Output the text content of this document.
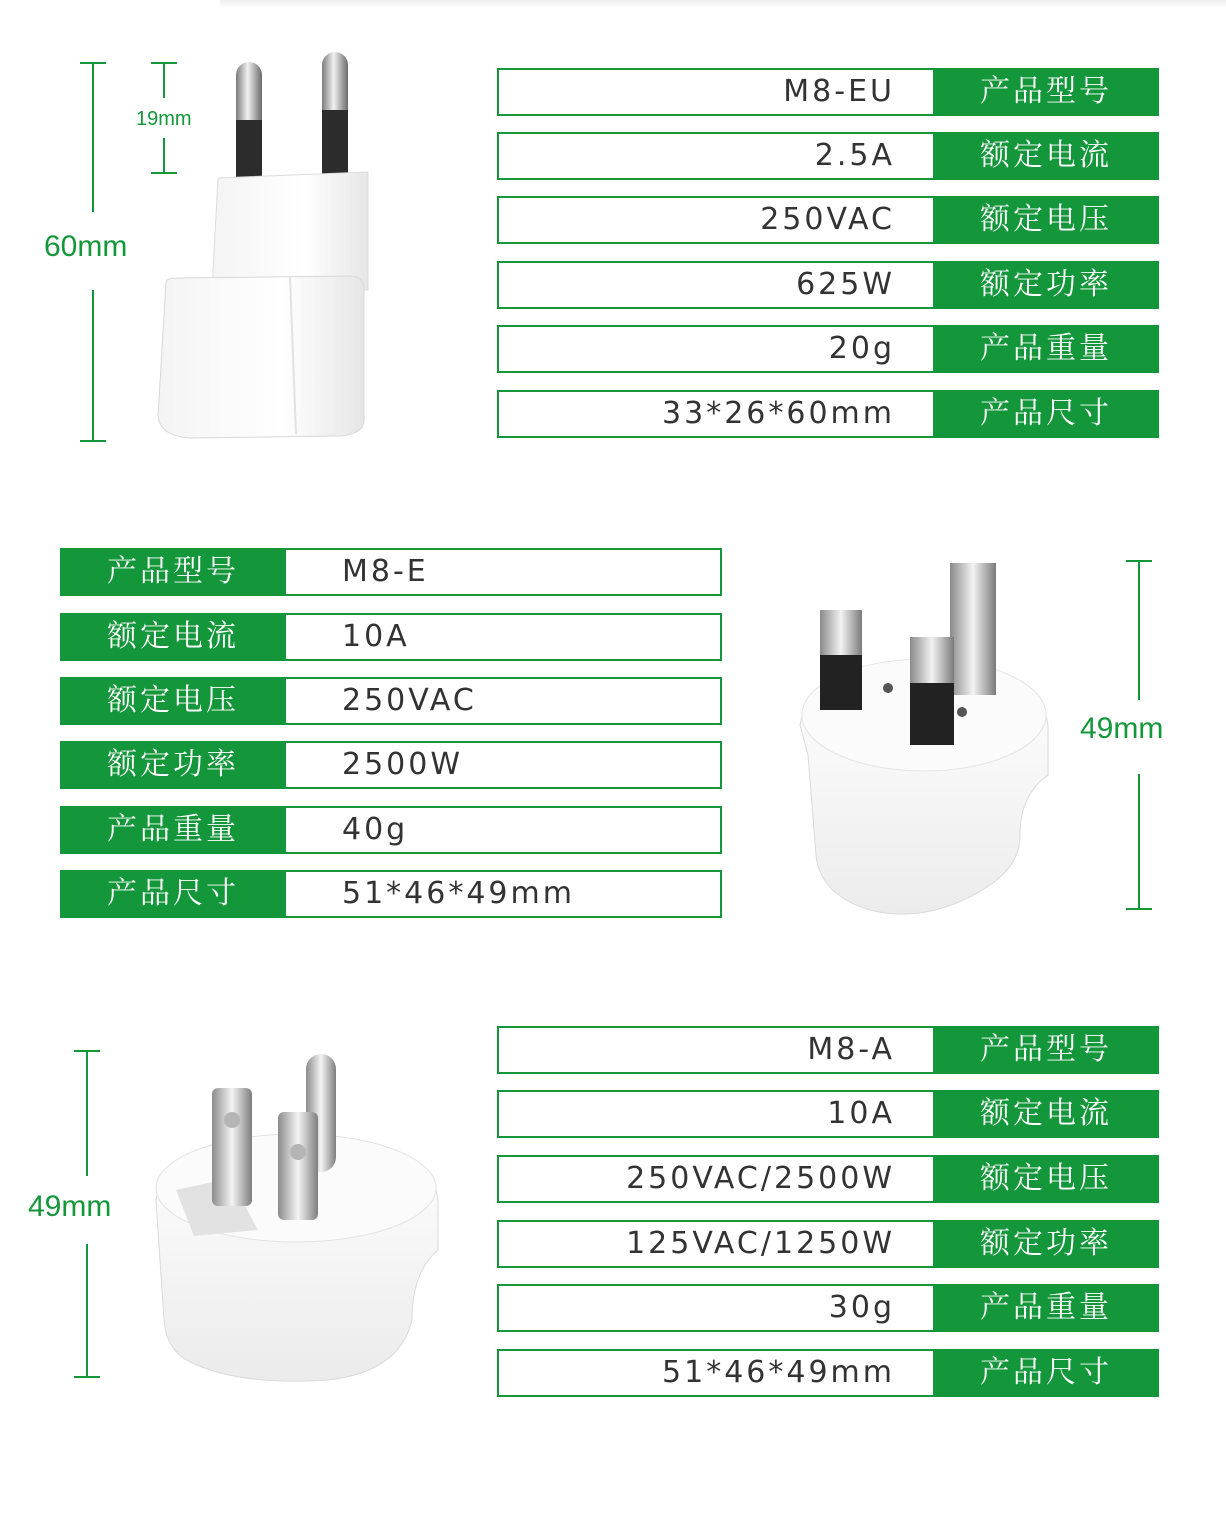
60mm
19mm
M8-EU	产品型号
2.5A	额定电流
250VAC	额定电压
625W	额定功率
20g	产品重量
33*26*60mm	产品尺寸
产品型号	M8-E
额定电流	10A
额定电压	250VAC
额定功率	2500W
产品重量	40g
产品尺寸	51*46*49mm
49mm
49mm
M8-A	产品型号
10A	额定电流
250VAC/2500W	额定电压
125VAC/1250W	额定功率
30g	产品重量
51*46*49mm	产品尺寸
